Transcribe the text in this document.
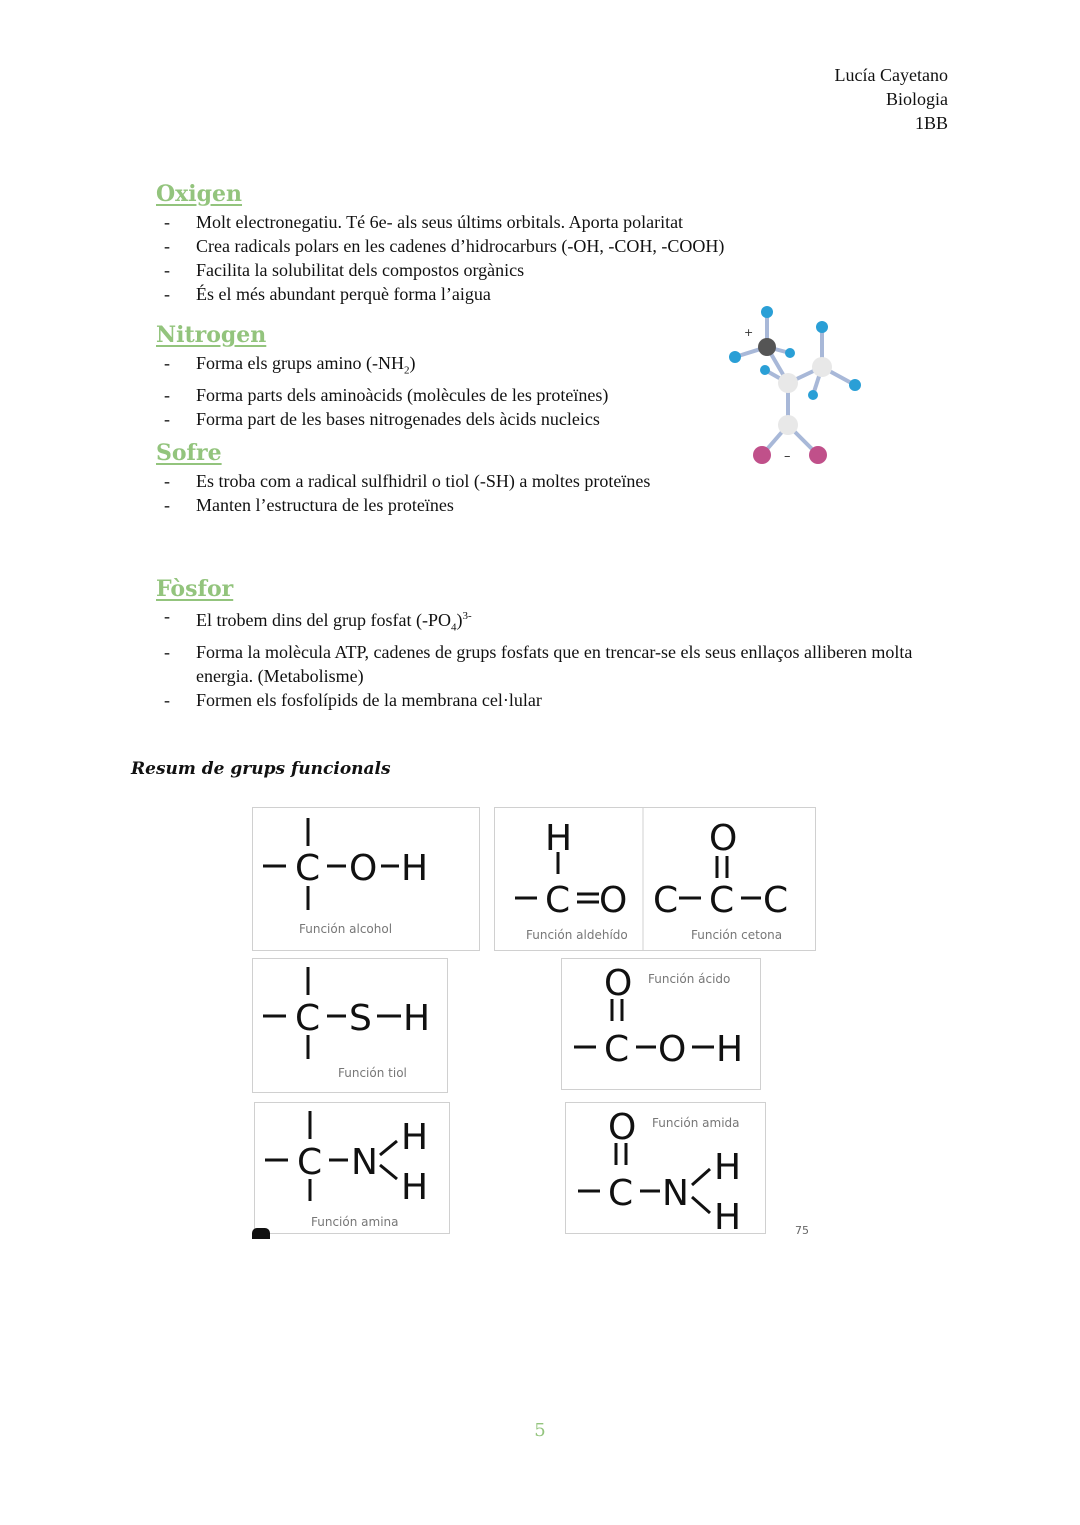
Lucía Cayetano
Biologia
1BB
Oxigen
- Molt electronegatiu. Té 6e- als seus últims orbitals. Aporta polaritat
- Crea radicals polars en les cadenes d’hidrocarburs (-OH, -COH, -COOH)
- Facilita la solubilitat dels compostos orgànics
- És el més abundant perquè forma l’aigua
Nitrogen
- Forma els grups amino $(-NH_2)$
- Forma parts dels aminoàcids (molècules de les proteïnes)
- Forma part de les bases nitrogenades dels àcids nucleics
+
–
Sofre
- Es troba com a radical sulfhidril o tiol (-SH) a moltes proteïnes
- Manten l’estructura de les proteïnes
Fòsfor
- El trobem dins del grup fosfat $(-PO_4)^{3-}$
- Forma la molècula ATP, cadenes de grups fosfats que en trencar-se els seus enllaços alliberen molta energia. (Metabolisme)
- Formen els fosfolípids de la membrana cel·lular
Resum de grups funcionals
C O H
Función alcohol
H
C O
O
C C C
Función aldehído	Función cetona
C S H
Función tiol
O
C O H
Función ácido
C N
H
H
Función amina
O
C N
H
H
Función amida
75
5
